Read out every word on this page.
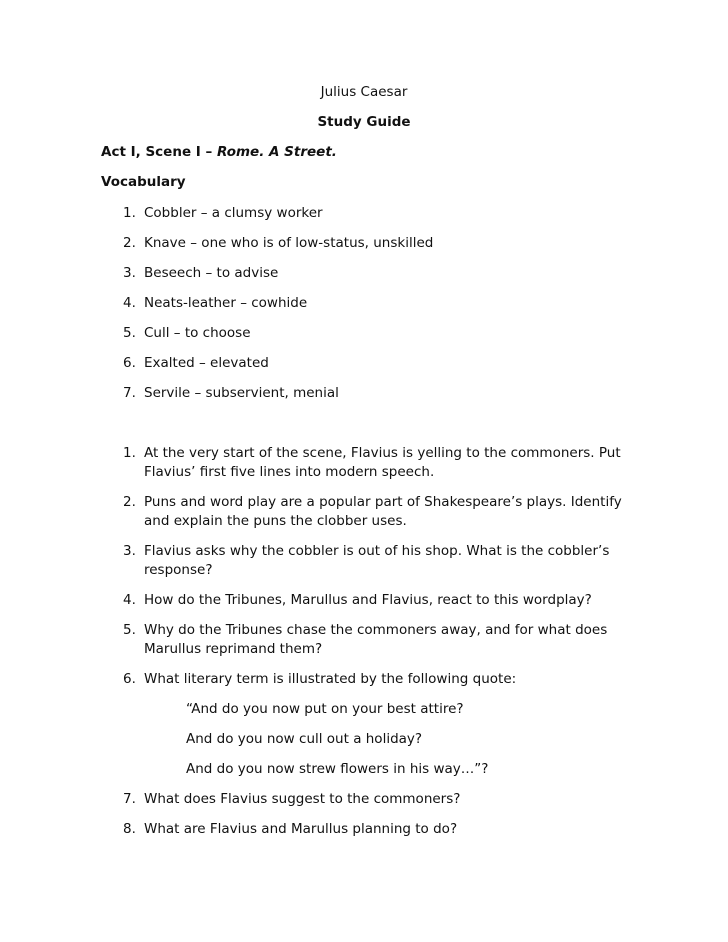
Julius Caesar
Study Guide
Act I, Scene I – Rome. A Street.
Vocabulary
1. Cobbler – a clumsy worker
2. Knave – one who is of low-status, unskilled
3. Beseech – to advise
4. Neats-leather – cowhide
5. Cull – to choose
6. Exalted – elevated
7. Servile – subservient, menial
1. At the very start of the scene, Flavius is yelling to the commoners. Put Flavius’ first five lines into modern speech.
2. Puns and word play are a popular part of Shakespeare’s plays. Identify and explain the puns the clobber uses.
3. Flavius asks why the cobbler is out of his shop. What is the cobbler’s response?
4. How do the Tribunes, Marullus and Flavius, react to this wordplay?
5. Why do the Tribunes chase the commoners away, and for what does Marullus reprimand them?
6. What literary term is illustrated by the following quote:
“And do you now put on your best attire?
And do you now cull out a holiday?
And do you now strew flowers in his way…”?
7. What does Flavius suggest to the commoners?
8. What are Flavius and Marullus planning to do?
